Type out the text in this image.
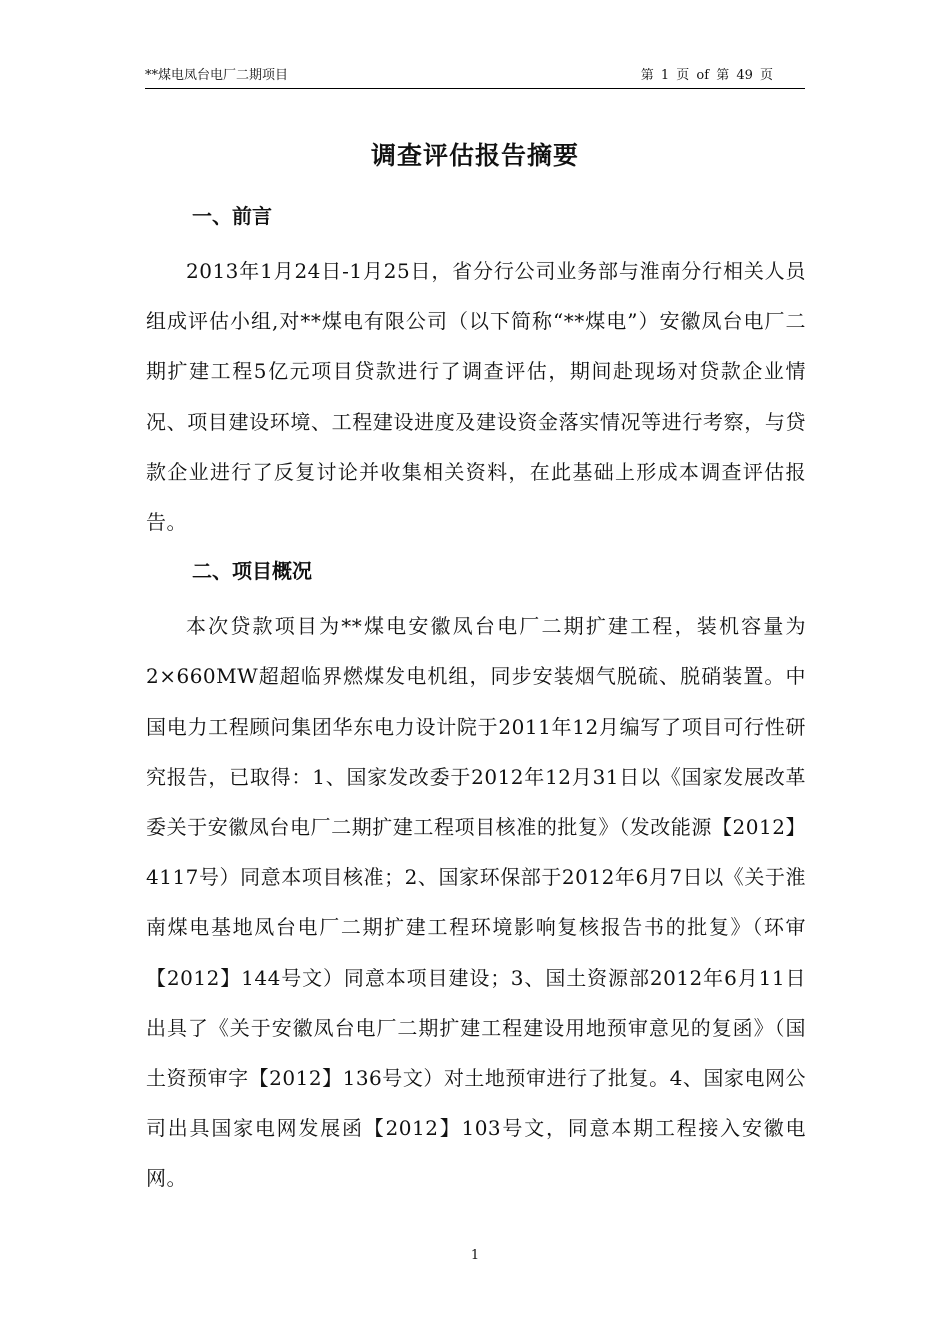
**煤电凤台电厂二期项目	第 1 页 of 第 49 页
调查评估报告摘要
一、前言

2013年1月24日-1月25日，省分行公司业务部与淮南分行相关人员组成评估小组,对**煤电有限公司（以下简称“**煤电”）安徽凤台电厂二期扩建工程5亿元项目贷款进行了调查评估，期间赴现场对贷款企业情况、项目建设环境、工程建设进度及建设资金落实情况等进行考察，与贷款企业进行了反复讨论并收集相关资料，在此基础上形成本调查评估报告。

二、项目概况

本次贷款项目为**煤电安徽凤台电厂二期扩建工程，装机容量为2×660MW超超临界燃煤发电机组，同步安装烟气脱硫、脱硝装置。中国电力工程顾问集团华东电力设计院于2011年12月编写了项目可行性研究报告，已取得：1、国家发改委于2012年12月31日以《国家发展改革委关于安徽凤台电厂二期扩建工程项目核准的批复》（发改能源【2012】4117号）同意本项目核准；2、国家环保部于2012年6月7日以《关于淮南煤电基地凤台电厂二期扩建工程环境影响复核报告书的批复》（环审【2012】144号文）同意本项目建设；3、国土资源部2012年6月11日出具了《关于安徽凤台电厂二期扩建工程建设用地预审意见的复函》（国土资预审字【2012】136号文）对土地预审进行了批复。4、国家电网公司出具国家电网发展函【2012】103号文，同意本期工程接入安徽电网。

1
